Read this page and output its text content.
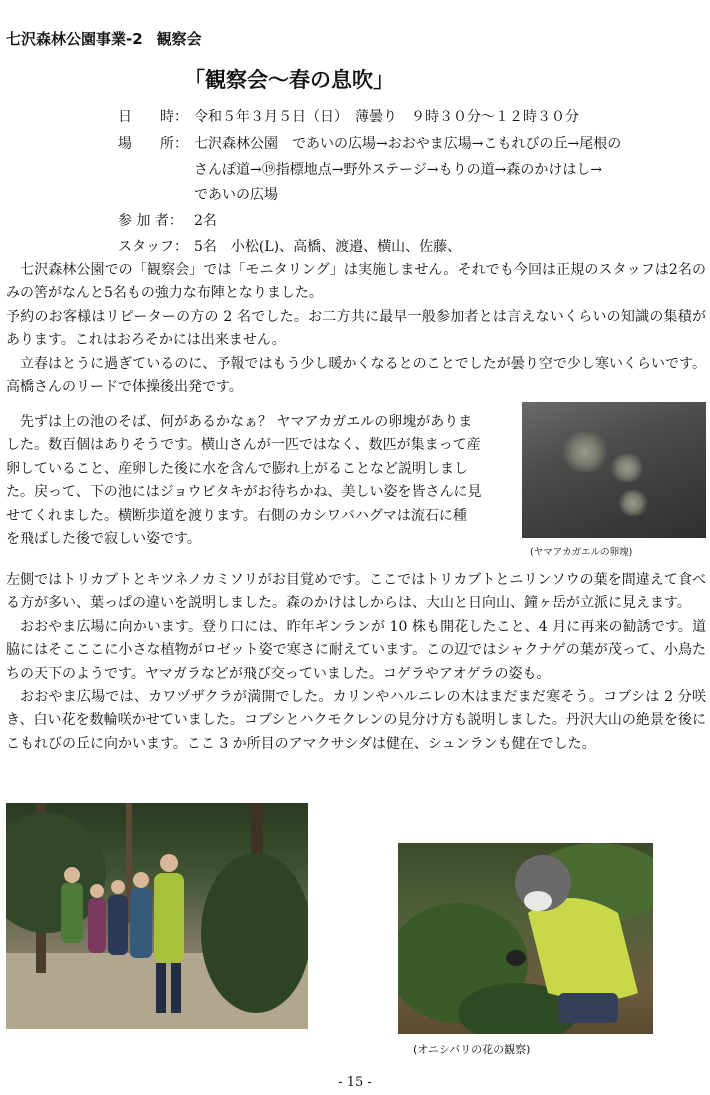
七沢森林公園事業-2 観察会
「観察会～春の息吹」
日　　時： 令和５年３月５日（日）　薄曇り　９時３０分～１２時３０分
場　　所： 七沢森林公園　であいの広場→おおやま広場→こもれびの丘→尾根の
さんぽ道→⑲指標地点→野外ステージ→もりの道→森のかけはし→
であいの広場
参 加 者： 2名
スタッフ： 5名　小松(L)、高橋、渡邉、横山、佐藤、

七沢森林公園での「観察会」では「モニタリング」は実施しません。それでも今回は正規のスタッフは2名のみの筈がなんと5名もの強力な布陣となりました。

予約のお客様はリピーターの方の 2 名でした。お二方共に最早一般参加者とは言えないくらいの知識の集積があります。これはおろそかには出来ません。

立春はとうに過ぎているのに、予報ではもう少し暖かくなるとのことでしたが曇り空で少し寒いくらいです。高橋さんのリードで体操後出発です。

先ずは上の池のそば、何があるかなぁ？ ヤマアカガエルの卵塊がありま

した。数百個はありそうです。横山さんが一匹ではなく、数匹が集まって産

卵していること、産卵した後に水を含んで膨れ上がることなど説明しまし

た。戻って、下の池にはジョウビタキがお待ちかね、美しい姿を皆さんに見

せてくれました。横断歩道を渡ります。右側のカシワバハグマは流石に種

を飛ばした後で寂しい姿です。

(ヤマアカガエルの卵塊)

左側ではトリカブトとキツネノカミソリがお目覚めです。ここではトリカブトとニリンソウの葉を間違えて食べる方が多い、葉っぱの違いを説明しました。森のかけはしからは、大山と日向山、鐘ヶ岳が立派に見えます。

おおやま広場に向かいます。登り口には、昨年ギンランが 10 株も開花したこと、4 月に再来の勧誘です。道脇にはそこここに小さな植物がロゼット姿で寒さに耐えています。この辺ではシャクナゲの葉が茂って、小鳥たちの天下のようです。ヤマガラなどが飛び交っていました。コゲラやアオゲラの姿も。

おおやま広場では、カワヅザクラが満開でした。カリンやハルニレの木はまだまだ寒そう。コブシは 2 分咲き、白い花を数輪咲かせていました。コブシとハクモクレンの見分け方も説明しました。丹沢大山の絶景を後にこもれびの丘に向かいます。ここ 3 か所目のアマクサシダは健在、シュンランも健在でした。

(オニシバリの花の観察)
- 15 -
